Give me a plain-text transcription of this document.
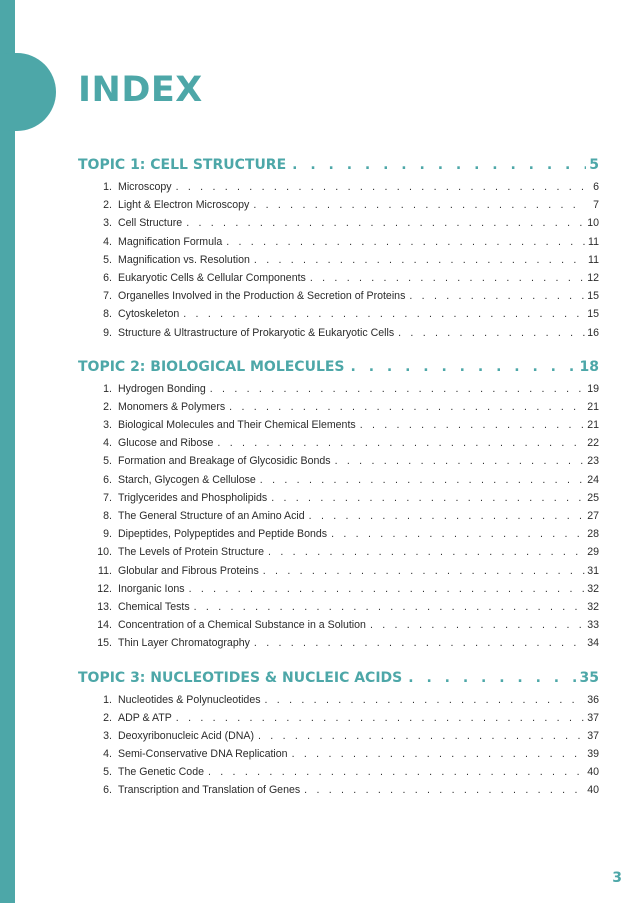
INDEX
TOPIC 1: CELL STRUCTURE . . .	5
1. Microscopy . . .	6
2. Light & Electron Microscopy . . .	7
3. Cell Structure . . .	10
4. Magnification Formula . . .	11
5. Magnification vs. Resolution . . .	11
6. Eukaryotic Cells & Cellular Components . . .	12
7. Organelles Involved in the Production & Secretion of Proteins . . .	15
8. Cytoskeleton . . .	15
9. Structure & Ultrastructure of Prokaryotic & Eukaryotic Cells . . .	16
TOPIC 2: BIOLOGICAL MOLECULES . . .	18
1. Hydrogen Bonding . . .	19
2. Monomers & Polymers . . .	21
3. Biological Molecules and Their Chemical Elements . . .	21
4. Glucose and Ribose . . .	22
5. Formation and Breakage of Glycosidic Bonds . . .	23
6. Starch, Glycogen & Cellulose . . .	24
7. Triglycerides and Phospholipids . . .	25
8. The General Structure of an Amino Acid . . .	27
9. Dipeptides, Polypeptides and Peptide Bonds . . .	28
10. The Levels of Protein Structure . . .	29
11. Globular and Fibrous Proteins . . .	31
12. Inorganic Ions . . .	32
13. Chemical Tests . . .	32
14. Concentration of a Chemical Substance in a Solution . . .	33
15. Thin Layer Chromatography . . .	34
TOPIC 3: NUCLEOTIDES & NUCLEIC ACIDS . . .	35
1. Nucleotides & Polynucleotides . . .	36
2. ADP & ATP . . .	37
3. Deoxyribonucleic Acid (DNA) . . .	37
4. Semi-Conservative DNA Replication . . .	39
5. The Genetic Code . . .	40
6. Transcription and Translation of Genes . . .	40
3
